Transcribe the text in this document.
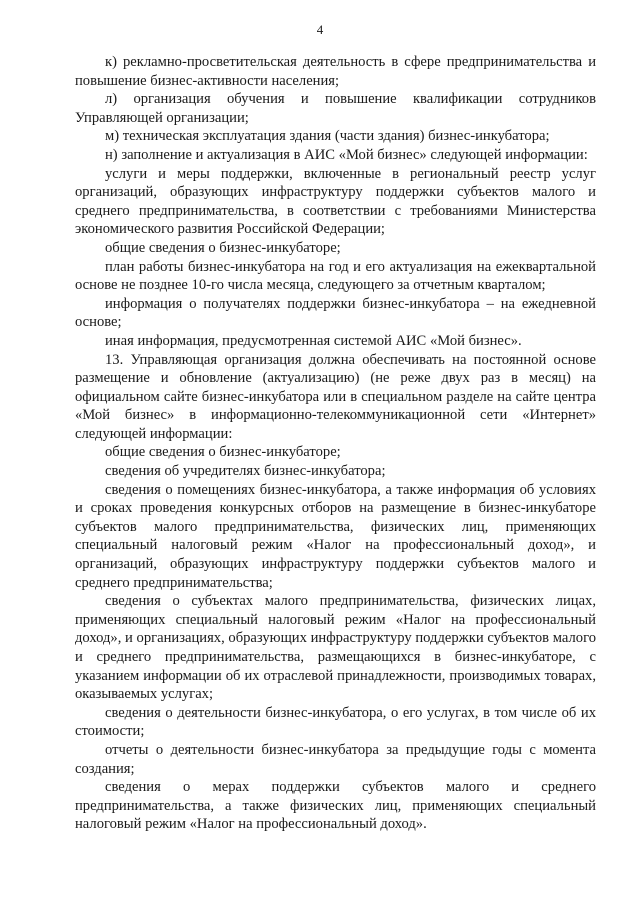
4

к) рекламно-просветительская деятельность в сфере предпринимательства и повышение бизнес-активности населения;

л) организация обучения и повышение квалификации сотрудников Управляющей организации;

м) техническая эксплуатация здания (части здания) бизнес-инкубатора;

н) заполнение и актуализация в АИС «Мой бизнес» следующей информации:

услуги и меры поддержки, включенные в региональный реестр услуг организаций, образующих инфраструктуру поддержки субъектов малого и среднего предпринимательства, в соответствии с требованиями Министерства экономического развития Российской Федерации;

общие сведения о бизнес-инкубаторе;

план работы бизнес-инкубатора на год и его актуализация на ежеквартальной основе не позднее 10-го числа месяца, следующего за отчетным кварталом;

информация о получателях поддержки бизнес-инкубатора – на ежедневной основе;

иная информация, предусмотренная системой АИС «Мой бизнес».

13. Управляющая организация должна обеспечивать на постоянной основе размещение и обновление (актуализацию) (не реже двух раз в месяц) на официальном сайте бизнес-инкубатора или в специальном разделе на сайте центра «Мой бизнес» в информационно-телекоммуникационной сети «Интернет» следующей информации:

общие сведения о бизнес-инкубаторе;

сведения об учредителях бизнес-инкубатора;

сведения о помещениях бизнес-инкубатора, а также информация об условиях и сроках проведения конкурсных отборов на размещение в бизнес-инкубаторе субъектов малого предпринимательства, физических лиц, применяющих специальный налоговый режим «Налог на профессиональный доход», и организаций, образующих инфраструктуру поддержки субъектов малого и среднего предпринимательства;

сведения о субъектах малого предпринимательства, физических лицах, применяющих специальный налоговый режим «Налог на профессиональный доход», и организациях, образующих инфраструктуру поддержки субъектов малого и среднего предпринимательства, размещающихся в бизнес-инкубаторе, с указанием информации об их отраслевой принадлежности, производимых товарах, оказываемых услугах;

сведения о деятельности бизнес-инкубатора, о его услугах, в том числе об их стоимости;

отчеты о деятельности бизнес-инкубатора за предыдущие годы с момента создания;

сведения о мерах поддержки субъектов малого и среднего предпринимательства, а также физических лиц, применяющих специальный налоговый режим «Налог на профессиональный доход».
